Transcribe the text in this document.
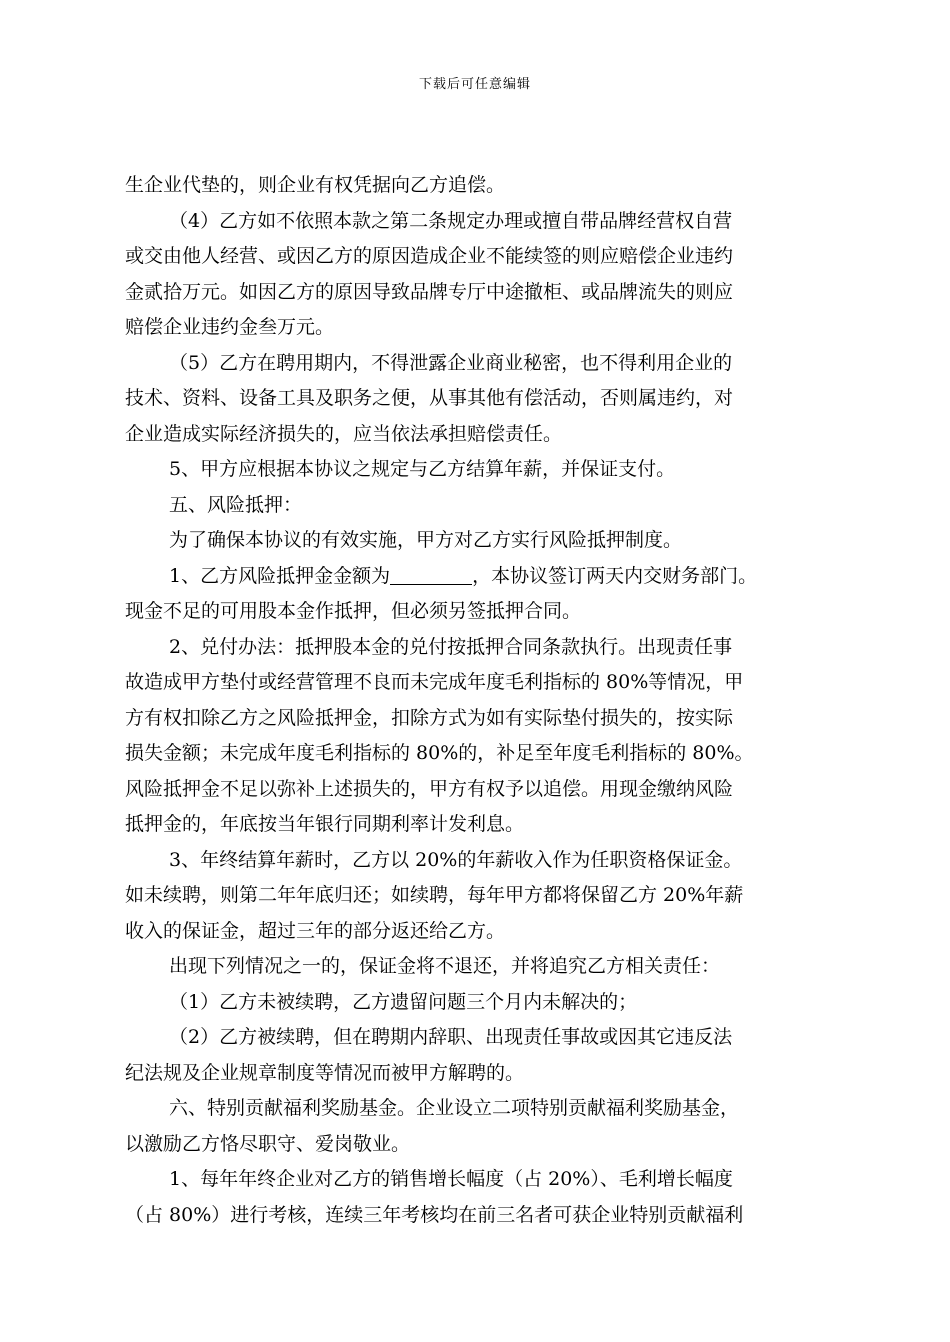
下载后可任意编辑
生企业代垫的，则企业有权凭据向乙方追偿。
（4）乙方如不依照本款之第二条规定办理或擅自带品牌经营权自营
或交由他人经营、或因乙方的原因造成企业不能续签的则应赔偿企业违约
金贰拾万元。如因乙方的原因导致品牌专厅中途撤柜、或品牌流失的则应
赔偿企业违约金叁万元。
（5）乙方在聘用期内，不得泄露企业商业秘密，也不得利用企业的
技术、资料、设备工具及职务之便，从事其他有偿活动，否则属违约，对
企业造成实际经济损失的，应当依法承担赔偿责任。
5、甲方应根据本协议之规定与乙方结算年薪，并保证支付。
五、风险抵押：
为了确保本协议的有效实施，甲方对乙方实行风险抵押制度。
1、乙方风险抵押金金额为	，本协议签订两天内交财务部门。
现金不足的可用股本金作抵押，但必须另签抵押合同。
2、兑付办法：抵押股本金的兑付按抵押合同条款执行。出现责任事
故造成甲方垫付或经营管理不良而未完成年度毛利指标的 80%等情况，甲
方有权扣除乙方之风险抵押金，扣除方式为如有实际垫付损失的，按实际
损失金额；未完成年度毛利指标的 80%的，补足至年度毛利指标的 80%。
风险抵押金不足以弥补上述损失的，甲方有权予以追偿。用现金缴纳风险
抵押金的，年底按当年银行同期利率计发利息。
3、年终结算年薪时，乙方以 20%的年薪收入作为任职资格保证金。
如未续聘，则第二年年底归还；如续聘，每年甲方都将保留乙方 20%年薪
收入的保证金，超过三年的部分返还给乙方。
出现下列情况之一的，保证金将不退还，并将追究乙方相关责任：
（1）乙方未被续聘，乙方遗留问题三个月内未解决的；
（2）乙方被续聘，但在聘期内辞职、出现责任事故或因其它违反法
纪法规及企业规章制度等情况而被甲方解聘的。
六、特别贡献福利奖励基金。企业设立二项特别贡献福利奖励基金，
以激励乙方恪尽职守、爱岗敬业。
1、每年年终企业对乙方的销售增长幅度（占 20%）、毛利增长幅度
（占 80%）进行考核，连续三年考核均在前三名者可获企业特别贡献福利
